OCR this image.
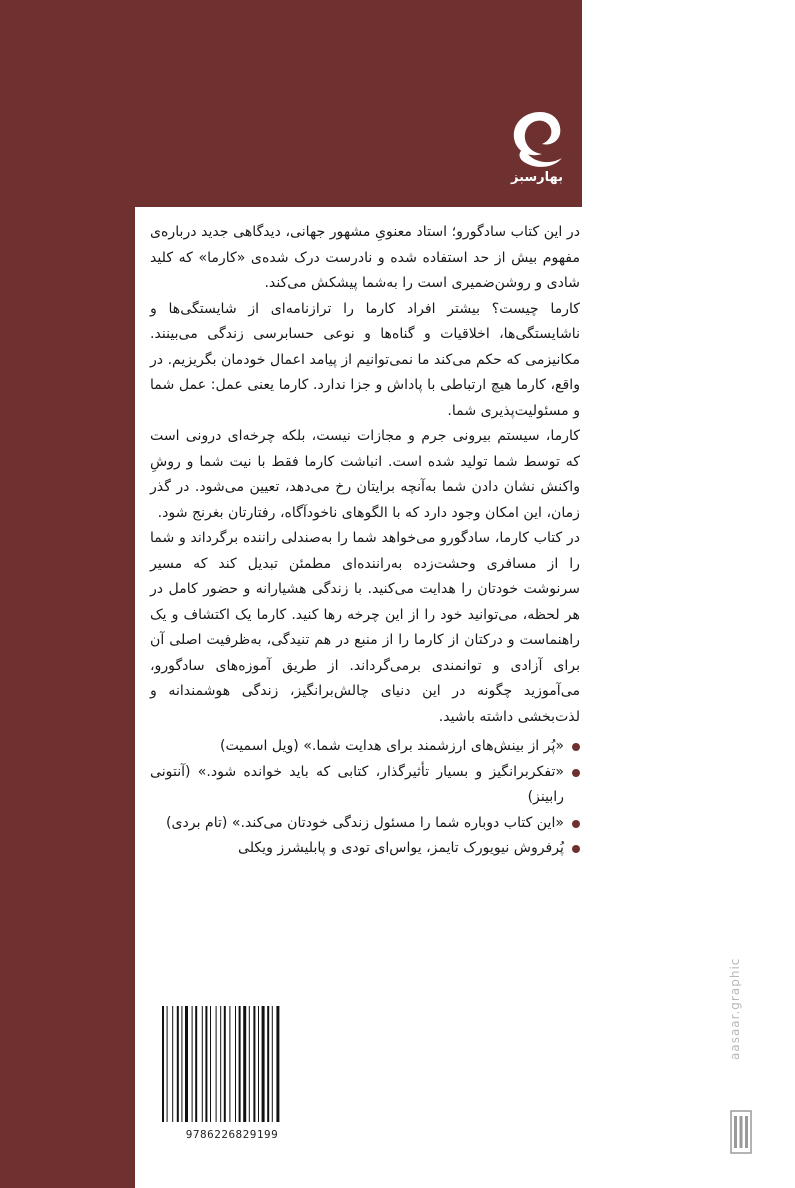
بهارسبز

در این کتاب سادگورو؛ استاد معنویِ مشهور جهانی، دیدگاهی جدید درباره‌ی مفهوم بیش از حد استفاده شده و نادرست درک شده‌ی «کارما» که کلید شادی و روشن‌ضمیری است را به‌شما پیشکش می‌کند.

کارما چیست؟ بیشتر افراد کارما را ترازنامه‌ای از شایستگی‌ها و ناشایستگی‌ها، اخلاقیات و گناه‌ها و نوعی حسابرسی زندگی می‌بینند. مکانیزمی که حکم می‌کند ما نمی‌توانیم از پیامد اعمال خودمان بگریزیم. در واقع، کارما هیچ ارتباطی با پاداش و جزا ندارد. کارما یعنی عمل: عمل شما و مسئولیت‌پذیری شما.

کارما، سیستم بیرونی جرم و مجازات نیست، بلکه چرخه‌ای درونی است که توسط شما تولید شده است. انباشت کارما فقط با نیت شما و روشِ واکنش نشان دادن شما به‌آنچه برایتان رخ می‌دهد، تعیین می‌شود. در گذر زمان، این امکان وجود دارد که با الگوهای ناخودآگاه، رفتارتان بغرنج شود.

در کتاب کارما، سادگورو می‌خواهد شما را به‌صندلی راننده برگرداند و شما را از مسافری وحشت‌زده به‌راننده‌ای مطمئن تبدیل کند که مسیر سرنوشت خودتان را هدایت می‌کنید. با زندگی هشیارانه و حضور کامل در هر لحظه، می‌توانید خود را از این چرخه رها کنید. کارما یک اکتشاف و یک راهنماست و درکتان از کارما را از منبع در هم تنیدگی، به‌ظرفیت اصلی آن برای آزادی و توانمندی برمی‌گرداند. از طریق آموزه‌های سادگورو، می‌آموزید چگونه در این دنیای چالش‌برانگیز، زندگی هوشمندانه و لذت‌بخشی داشته باشید.

«پُر از بینش‌های ارزشمند برای هدایت شما.» (ویل اسمیت)
«تفکربرانگیز و بسیار تأثیرگذار، کتابی که باید خوانده شود.» (آنتونی رابینز)
«این کتاب دوباره شما را مسئول زندگی خودتان می‌کند.» (تام بردی)
پُرفروش نیویورک تایمز، یواس‌ای تودی و پابلیشرز ویکلی
9786226829199
aasaar.graphic
